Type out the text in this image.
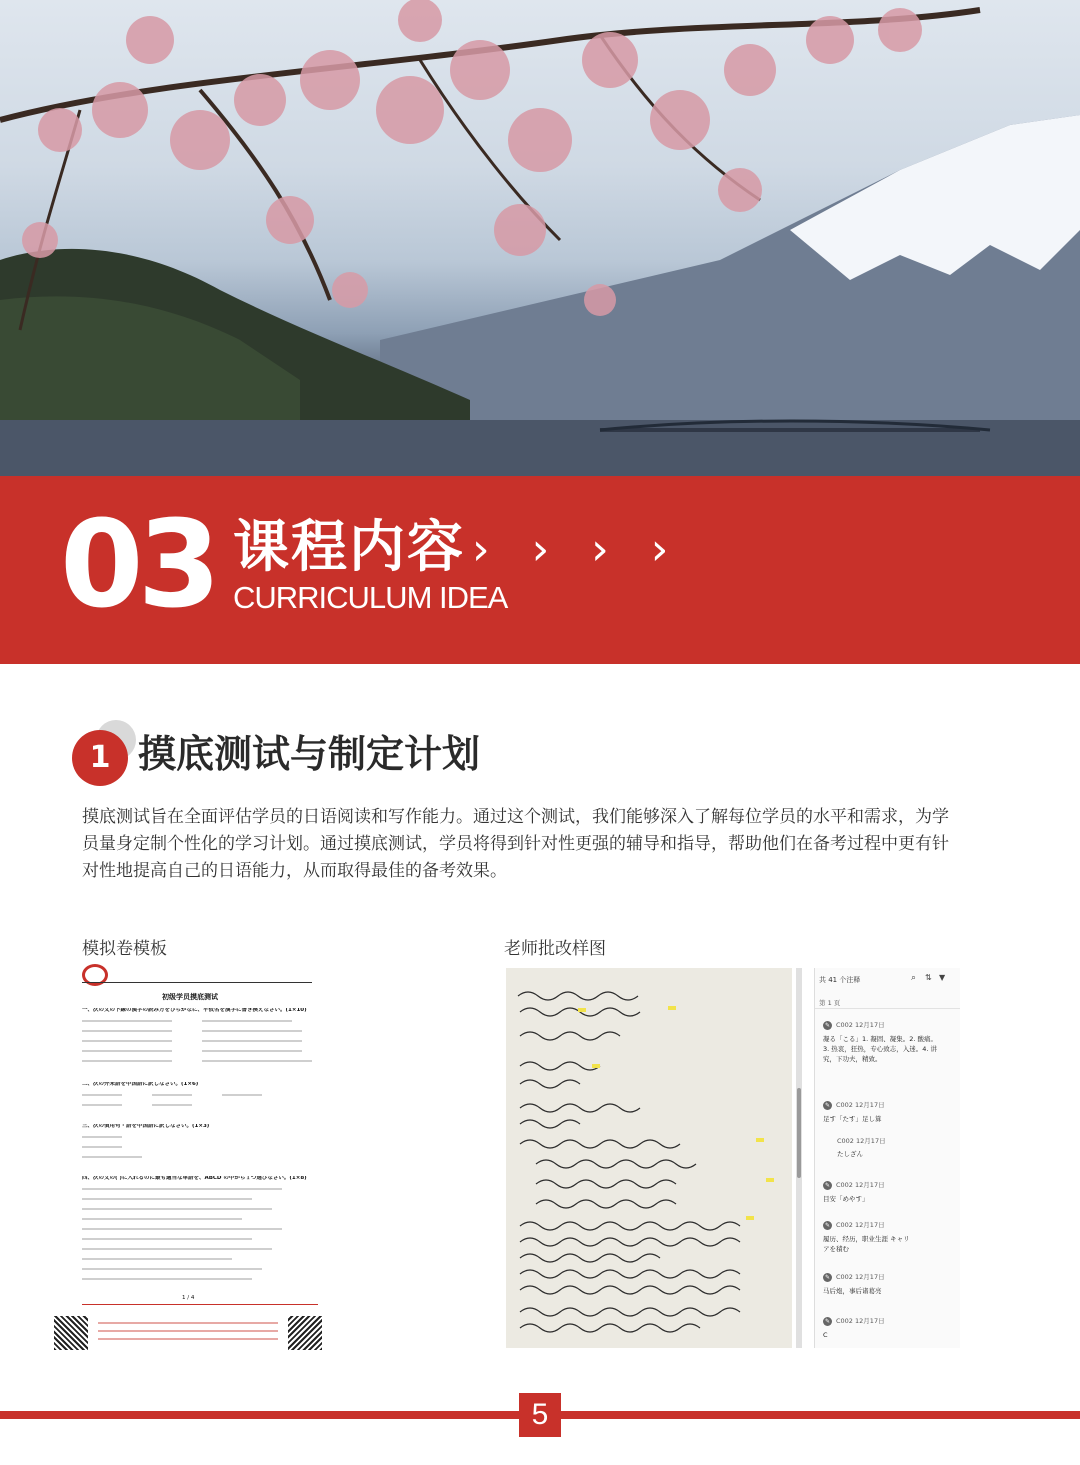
03 课程内容 › › › ›
CURRICULUM IDEA
1 摸底测试与制定计划
摸底测试旨在全面评估学员的日语阅读和写作能力。通过这个测试，我们能够深入了解每位学员的水平和需求，为学员量身定制个性化的学习计划。通过摸底测试，学员将得到针对性更强的辅导和指导，帮助他们在备考过程中更有针对性地提高自己的日语能力，从而取得最佳的备考效果。
模拟卷模板	老师批改样图
初级学员摸底测试
一、次の文の下線の漢字の読み方をひらがなに、平仮名を漢字に書き換えなさい。(1×10)
二、次の外来語を中国語に訳しなさい。(1×6)
三、次の慣用句・語を中国語に訳しなさい。(1×3)
四、次の文の( )に入れるのに最も適当な単語を、ABCD の中から１つ選びなさい。(1×8)
1 / 4
共 41 个注释	⌕ ⇅ ▼
第 1 页
✎ C002 12月17日
凝る「こる」1. 凝固、凝集。2. 酸痛。3. 热衷，狂热，专心致志，入迷。4. 讲究，下功夫，精致。
✎ C002 12月17日
足す「たす」足し算
C002 12月17日
たしざん
✎ C002 12月17日
目安「めやす」
✎ C002 12月17日
履历、经历，职业生涯 キャリアを積む
✎ C002 12月17日
马后炮，事后诸葛亮
✎ C002 12月17日
C
5
